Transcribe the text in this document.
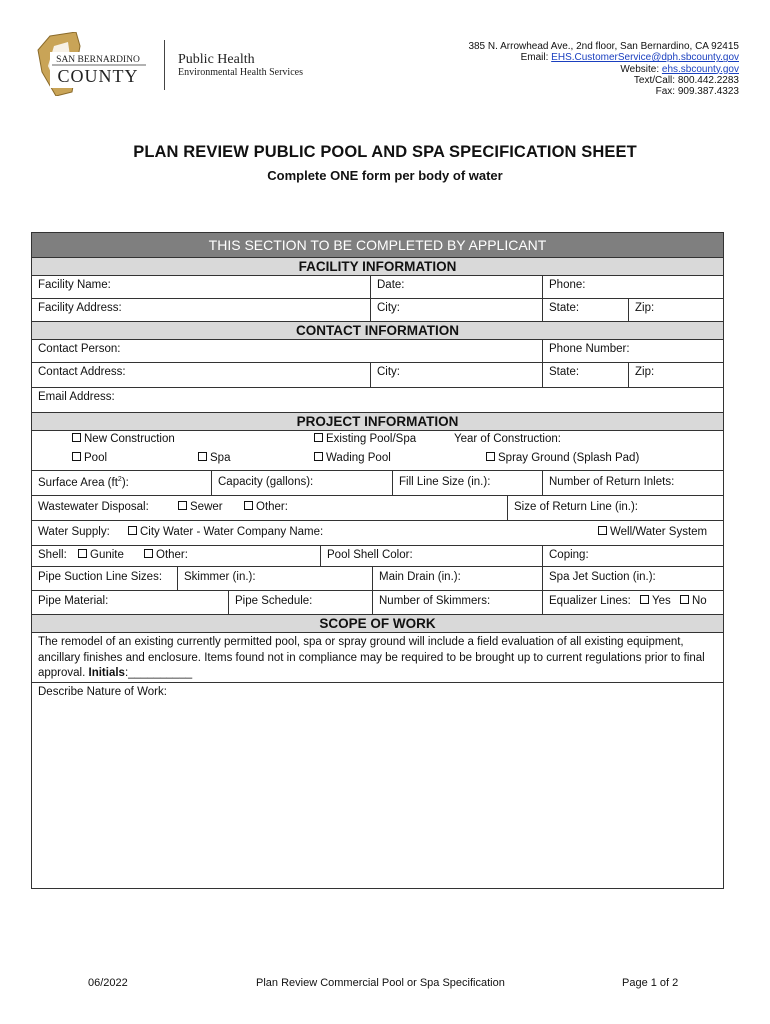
SAN BERNARDINO
COUNTY
Public Health
Environmental Health Services
385 N. Arrowhead Ave., 2nd floor, San Bernardino, CA 92415
Email: EHS.CustomerService@dph.sbcounty.gov
Website: ehs.sbcounty.gov
Text/Call: 800.442.2283
Fax: 909.387.4323
PLAN REVIEW PUBLIC POOL AND SPA SPECIFICATION SHEET
Complete ONE form per body of water
THIS SECTION TO BE COMPLETED BY APPLICANT
FACILITY INFORMATION
Facility Name:	Date:	Phone:
Facility Address:	City:	State:	Zip:
CONTACT INFORMATION
Contact Person:	Phone Number:
Contact Address:	City:	State:	Zip:
Email Address:
PROJECT INFORMATION
New Construction	Existing Pool/Spa	Year of Construction:
Pool	Spa	Wading Pool	Spray Ground (Splash Pad)
Surface Area $(ft^2)$:	Capacity (gallons):	Fill Line Size (in.):	Number of Return Inlets:
Wastewater Disposal:	Sewer	Other:	Size of Return Line (in.):
Water Supply:	City Water - Water Company Name:	Well/Water System
Shell:	Gunite	Other:	Pool Shell Color:	Coping:
Pipe Suction Line Sizes:	Skimmer (in.):	Main Drain (in.):	Spa Jet Suction (in.):
Pipe Material:	Pipe Schedule:	Number of Skimmers:	Equalizer Lines: Yes No
SCOPE OF WORK
The remodel of an existing currently permitted pool, spa or spray ground will include a field evaluation of all existing equipment, ancillary finishes and enclosure. Items found not in compliance may be required to be brought up to current regulations prior to final approval. Initials:__________
Describe Nature of Work:
06/2022	Plan Review Commercial Pool or Spa Specification	Page 1 of 2
